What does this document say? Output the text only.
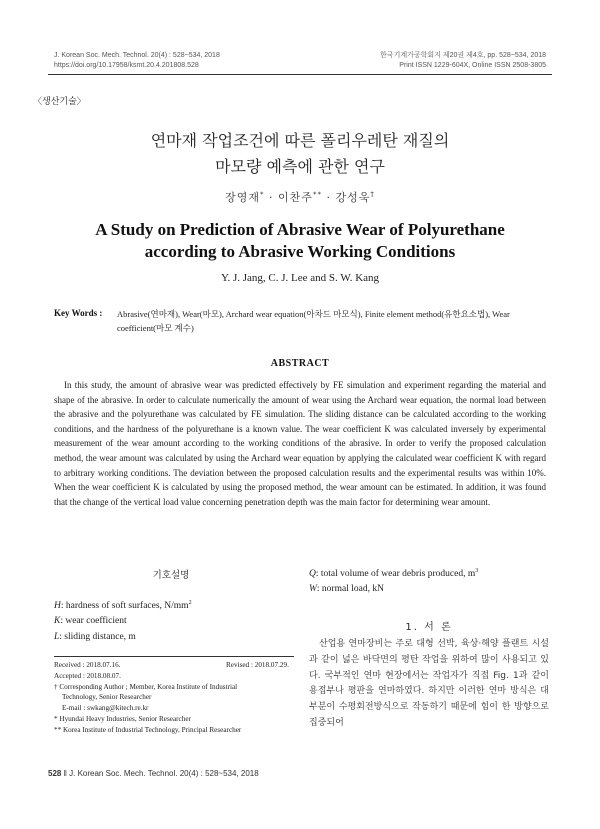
J. Korean Soc. Mech. Technol. 20(4) : 528~534, 2018
https://doi.org/10.17958/ksmt.20.4.201808.528
한국기계가공학회지 제20권 제4호, pp. 528~534, 2018
Print ISSN 1229-604X, Online ISSN 2508-3805
〈생산기술〉
연마재 작업조건에 따른 폴리우레탄 재질의
마모량 예측에 관한 연구
장영재* · 이찬주** · 강성욱†
A Study on Prediction of Abrasive Wear of Polyurethane
according to Abrasive Working Conditions
Y. J. Jang, C. J. Lee and S. W. Kang
Key Words : Abrasive(연마재), Wear(마모), Archard wear equation(아차드 마모식), Finite element method(유한요소법), Wear coefficient(마모 계수)
ABSTRACT
In this study, the amount of abrasive wear was predicted effectively by FE simulation and experiment regarding the material and shape of the abrasive. In order to calculate numerically the amount of wear using the Archard wear equation, the normal load between the abrasive and the polyurethane was calculated by FE simulation. The sliding distance can be calculated according to the working conditions, and the hardness of the polyurethane is a known value. The wear coefficient K was calculated inversely by experimental measurement of the wear amount according to the working conditions of the abrasive. In order to verify the proposed calculation method, the wear amount was calculated by using the Archard wear equation by applying the calculated wear coefficient K with regard to arbitrary working conditions. The deviation between the proposed calculation results and the experimental results was within 10%. When the wear coefficient K is calculated by using the proposed method, the wear amount can be estimated. In addition, it was found that the change of the vertical load value concerning penetration depth was the main factor for determining wear amount.
기호설명
H: hardness of soft surfaces, $N/mm^2$
K: wear coefficient
L: sliding distance, m
Q: total volume of wear debris produced, $m^3$
W: normal load, kN
Received : 2018.07.16.	Revised : 2018.07.29.
Accepted : 2018.08.07.
† Corresponding Author ; Member, Korea Institute of Industrial
Technology, Senior Researcher
E-mail : swkang@kitech.re.kr
* Hyundai Heavy Industries, Senior Researcher
** Korea Institute of Industrial Technology, Principal Researcher
1. 서 론
산업용 연마장비는 주로 대형 선박, 육상·해양 플랜트 시설과 같이 넓은 바닥면의 평탄 작업을 위하여 많이 사용되고 있다. 국부적인 연마 현장에서는 작업자가 직접 Fig. 1과 같이 용접부나 평판을 연마하였다. 하지만 이러한 연마 방식은 대부분이 수평회전방식으로 작동하기 때문에 힘이 한 방향으로 집중되어
528 ‖ J. Korean Soc. Mech. Technol. 20(4) : 528~534, 2018
